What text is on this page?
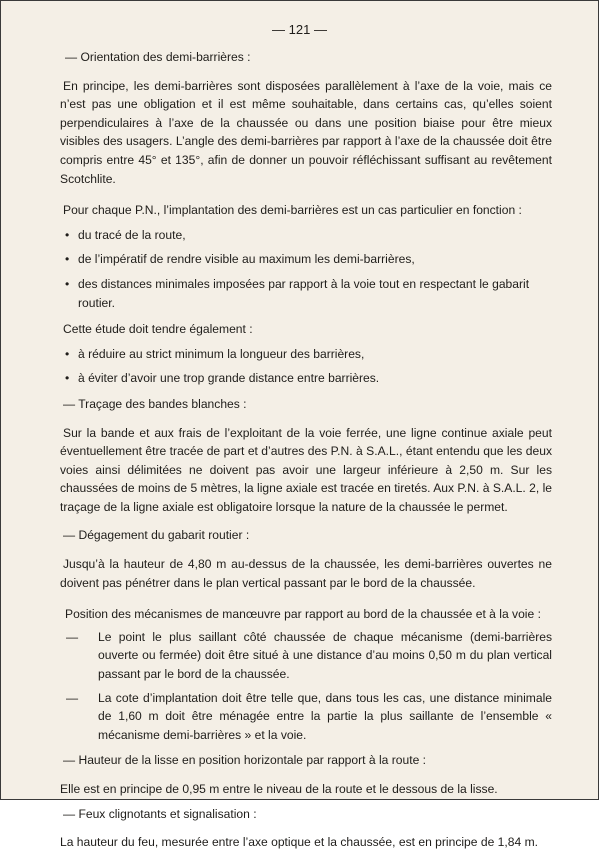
— 121 —

— Orientation des demi-barrières :

En principe, les demi-barrières sont disposées parallèlement à l’axe de la voie, mais ce n’est pas une obligation et il est même souhaitable, dans certains cas, qu’elles soient perpendiculaires à l’axe de la chaussée ou dans une position biaise pour être mieux visibles des usagers. L’angle des demi-barrières par rapport à l’axe de la chaussée doit être compris entre 45° et 135°, afin de donner un pouvoir réfléchissant suffisant au revêtement Scotchlite.

Pour chaque P.N., l’implantation des demi-barrières est un cas particulier en fonction :

• du tracé de la route,
• de l’impératif de rendre visible au maximum les demi-barrières,
• des distances minimales imposées par rapport à la voie tout en respectant le gabarit routier.

Cette étude doit tendre également :

• à réduire au strict minimum la longueur des barrières,
• à éviter d’avoir une trop grande distance entre barrières.

— Traçage des bandes blanches :

Sur la bande et aux frais de l’exploitant de la voie ferrée, une ligne continue axiale peut éventuellement être tracée de part et d’autres des P.N. à S.A.L., étant entendu que les deux voies ainsi délimitées ne doivent pas avoir une largeur inférieure à 2,50 m. Sur les chaussées de moins de 5 mètres, la ligne axiale est tracée en tiretés. Aux P.N. à S.A.L. 2, le traçage de la ligne axiale est obligatoire lorsque la nature de la chaussée le permet.

— Dégagement du gabarit routier :

Jusqu’à la hauteur de 4,80 m au-dessus de la chaussée, les demi-barrières ouvertes ne doivent pas pénétrer dans le plan vertical passant par le bord de la chaussée.

Position des mécanismes de manœuvre par rapport au bord de la chaussée et à la voie :

— Le point le plus saillant côté chaussée de chaque mécanisme (demi-barrières ouverte ou fermée) doit être situé à une distance d’au moins 0,50 m du plan vertical passant par le bord de la chaussée.
— La cote d’implantation doit être telle que, dans tous les cas, une distance minimale de 1,60 m doit être ménagée entre la partie la plus saillante de l’ensemble « mécanisme demi-barrières » et la voie.

— Hauteur de la lisse en position horizontale par rapport à la route :

Elle est en principe de 0,95 m entre le niveau de la route et le dessous de la lisse.

— Feux clignotants et signalisation :

La hauteur du feu, mesurée entre l’axe optique et la chaussée, est en principe de 1,84 m.
